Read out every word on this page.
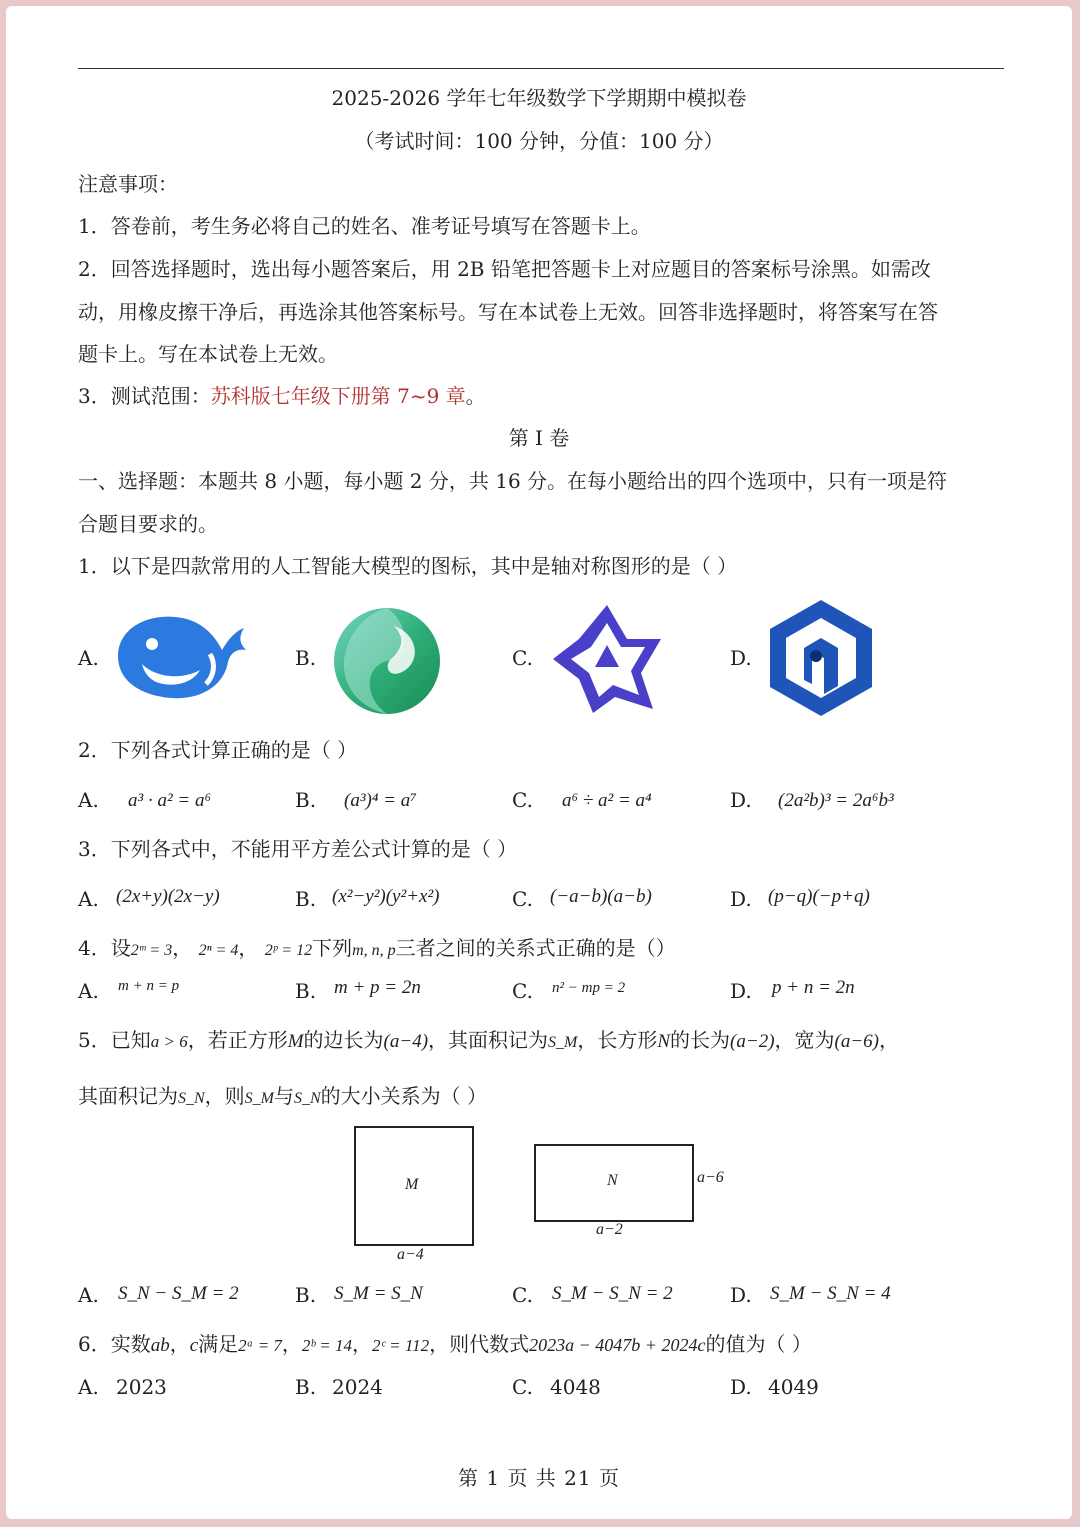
2025-2026 学年七年级数学下学期期中模拟卷
（考试时间：100 分钟，分值：100 分）
注意事项：
1．答卷前，考生务必将自己的姓名、准考证号填写在答题卡上。
2．回答选择题时，选出每小题答案后，用 2B 铅笔把答题卡上对应题目的答案标号涂黑。如需改
动，用橡皮擦干净后，再选涂其他答案标号。写在本试卷上无效。回答非选择题时，将答案写在答
题卡上。写在本试卷上无效。
3．测试范围：苏科版七年级下册第 7~9 章。
第 I 卷
一、选择题：本题共 8 小题，每小题 2 分，共 16 分。在每小题给出的四个选项中，只有一项是符
合题目要求的。
1．以下是四款常用的人工智能大模型的图标，其中是轴对称图形的是（ ）
A.	B.	C.	D.
2．下列各式计算正确的是（ ）
A. a³ · a² = a⁶	B. (a³)⁴ = a⁷	C. a⁶ ÷ a² = a⁴	D. (2a²b)³ = 2a⁶b³
3．下列各式中，不能用平方差公式计算的是（ ）
A. (2x+y)(2x−y)	B. (x²−y²)(y²+x²)	C. (−a−b)(a−b)	D. (p−q)(−p+q)
4．设2ᵐ = 3， 2ⁿ = 4， 2ᵖ = 12下列m, n, p三者之间的关系式正确的是（）
A. m + n = p	B. m + p = 2n	C. n² − mp = 2	D. p + n = 2n
5．已知a > 6，若正方形M的边长为(a−4)，其面积记为S_M，长方形N的长为(a−2)，宽为(a−6)，
其面积记为S_N，则S_M与S_N的大小关系为（ ）
M
a−4
N
a−2
a−6
A. S_N − S_M = 2	B. S_M = S_N	C. S_M − S_N = 2	D. S_M − S_N = 4
6．实数ab，c满足2ᵃ = 7，2ᵇ = 14，2ᶜ = 112，则代数式2023a − 4047b + 2024c的值为（ ）
A. 2023	B. 2024	C. 4048	D. 4049
第 1 页 共 21 页
